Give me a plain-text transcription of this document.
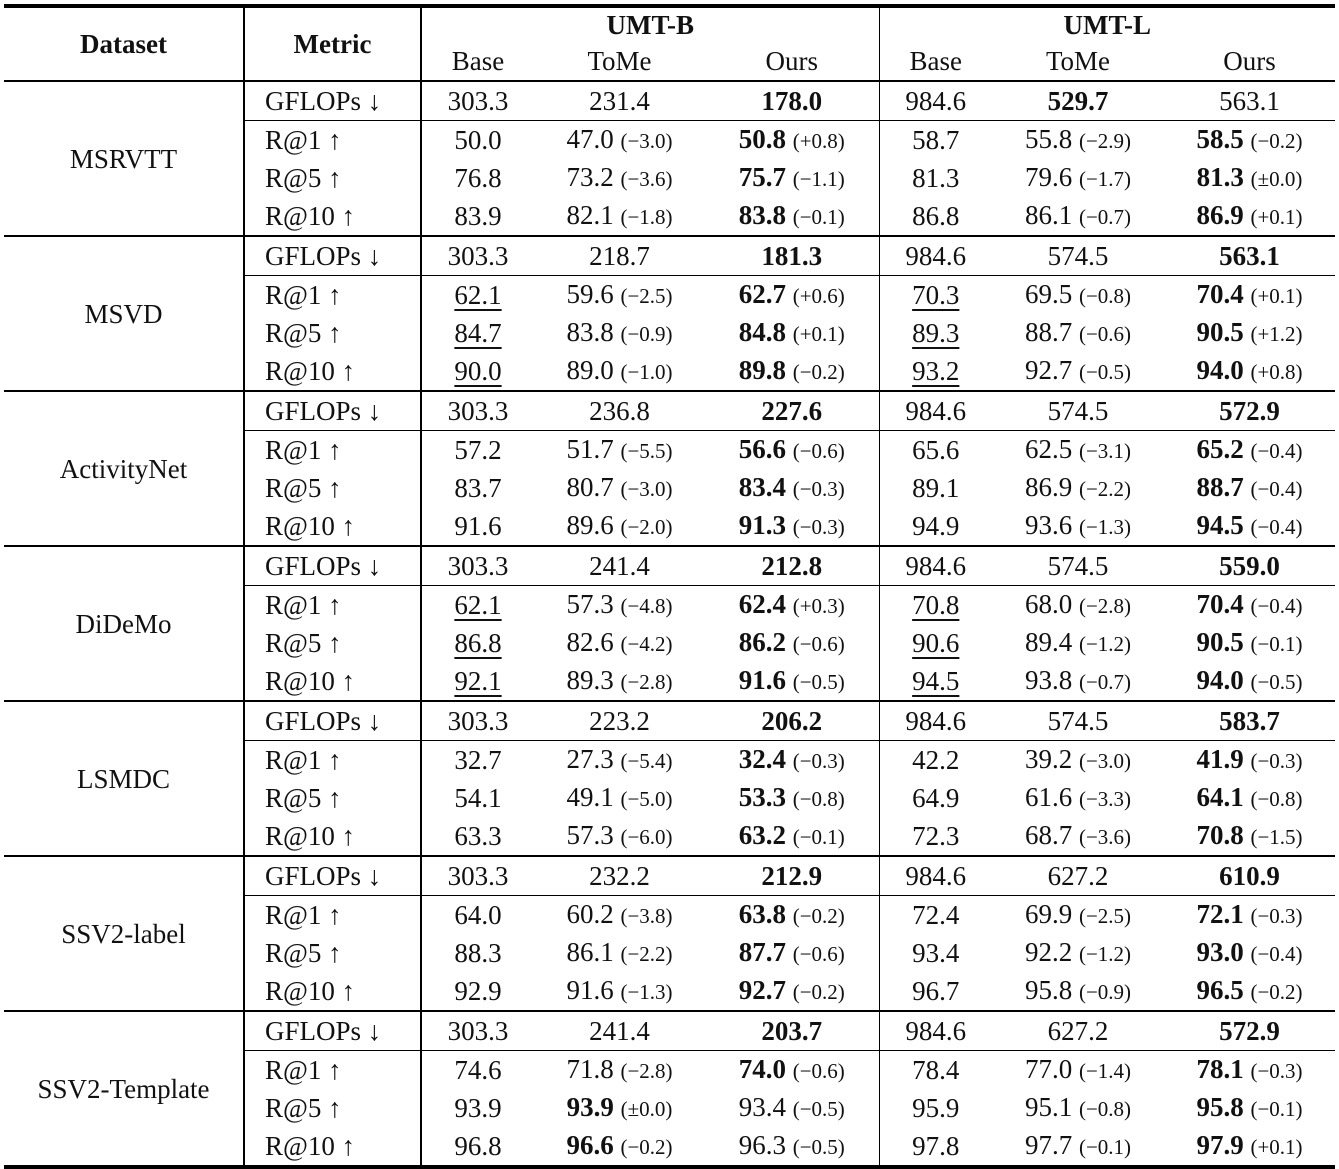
Dataset	Metric	UMT-B			UMT-L		
		Base	ToMe	Ours	Base	ToMe	Ours
MSRVTT	GFLOPs ↓	303.3	231.4	178.0	984.6	529.7	563.1
	R@1 ↑	50.0	47.0 (−3.0)	50.8 (+0.8)	58.7	55.8 (−2.9)	58.5 (−0.2)
	R@5 ↑	76.8	73.2 (−3.6)	75.7 (−1.1)	81.3	79.6 (−1.7)	81.3 (±0.0)
	R@10 ↑	83.9	82.1 (−1.8)	83.8 (−0.1)	86.8	86.1 (−0.7)	86.9 (+0.1)
MSVD	GFLOPs ↓	303.3	218.7	181.3	984.6	574.5	563.1
	R@1 ↑	62.1	59.6 (−2.5)	62.7 (+0.6)	70.3	69.5 (−0.8)	70.4 (+0.1)
	R@5 ↑	84.7	83.8 (−0.9)	84.8 (+0.1)	89.3	88.7 (−0.6)	90.5 (+1.2)
	R@10 ↑	90.0	89.0 (−1.0)	89.8 (−0.2)	93.2	92.7 (−0.5)	94.0 (+0.8)
ActivityNet	GFLOPs ↓	303.3	236.8	227.6	984.6	574.5	572.9
	R@1 ↑	57.2	51.7 (−5.5)	56.6 (−0.6)	65.6	62.5 (−3.1)	65.2 (−0.4)
	R@5 ↑	83.7	80.7 (−3.0)	83.4 (−0.3)	89.1	86.9 (−2.2)	88.7 (−0.4)
	R@10 ↑	91.6	89.6 (−2.0)	91.3 (−0.3)	94.9	93.6 (−1.3)	94.5 (−0.4)
DiDeMo	GFLOPs ↓	303.3	241.4	212.8	984.6	574.5	559.0
	R@1 ↑	62.1	57.3 (−4.8)	62.4 (+0.3)	70.8	68.0 (−2.8)	70.4 (−0.4)
	R@5 ↑	86.8	82.6 (−4.2)	86.2 (−0.6)	90.6	89.4 (−1.2)	90.5 (−0.1)
	R@10 ↑	92.1	89.3 (−2.8)	91.6 (−0.5)	94.5	93.8 (−0.7)	94.0 (−0.5)
LSMDC	GFLOPs ↓	303.3	223.2	206.2	984.6	574.5	583.7
	R@1 ↑	32.7	27.3 (−5.4)	32.4 (−0.3)	42.2	39.2 (−3.0)	41.9 (−0.3)
	R@5 ↑	54.1	49.1 (−5.0)	53.3 (−0.8)	64.9	61.6 (−3.3)	64.1 (−0.8)
	R@10 ↑	63.3	57.3 (−6.0)	63.2 (−0.1)	72.3	68.7 (−3.6)	70.8 (−1.5)
SSV2-label	GFLOPs ↓	303.3	232.2	212.9	984.6	627.2	610.9
	R@1 ↑	64.0	60.2 (−3.8)	63.8 (−0.2)	72.4	69.9 (−2.5)	72.1 (−0.3)
	R@5 ↑	88.3	86.1 (−2.2)	87.7 (−0.6)	93.4	92.2 (−1.2)	93.0 (−0.4)
	R@10 ↑	92.9	91.6 (−1.3)	92.7 (−0.2)	96.7	95.8 (−0.9)	96.5 (−0.2)
SSV2-Template	GFLOPs ↓	303.3	241.4	203.7	984.6	627.2	572.9
	R@1 ↑	74.6	71.8 (−2.8)	74.0 (−0.6)	78.4	77.0 (−1.4)	78.1 (−0.3)
	R@5 ↑	93.9	93.9 (±0.0)	93.4 (−0.5)	95.9	95.1 (−0.8)	95.8 (−0.1)
	R@10 ↑	96.8	96.6 (−0.2)	96.3 (−0.5)	97.8	97.7 (−0.1)	97.9 (+0.1)
